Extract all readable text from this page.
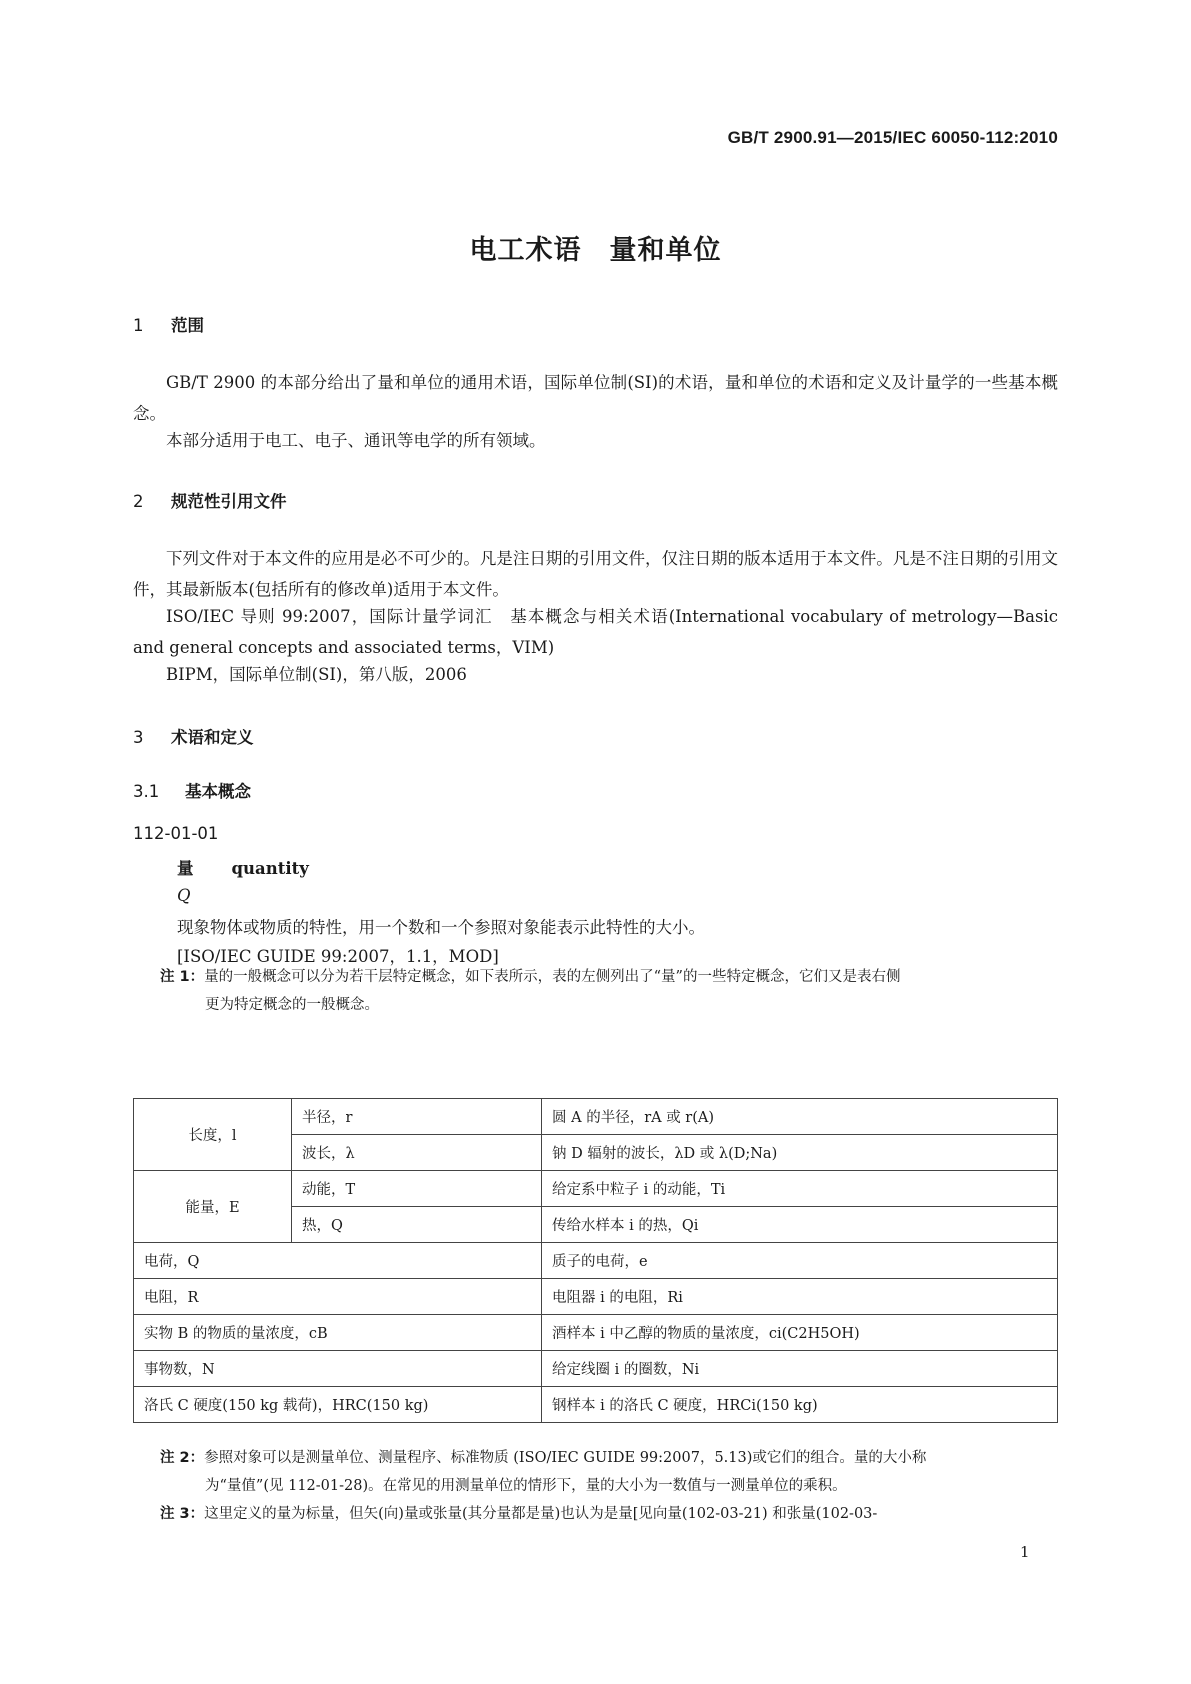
GB/T 2900.91—2015/IEC 60050-112:2010
电工术语　量和单位
1 范围
GB/T 2900 的本部分给出了量和单位的通用术语，国际单位制(SI)的术语，量和单位的术语和定义及计量学的一些基本概念。
本部分适用于电工、电子、通讯等电学的所有领域。
2 规范性引用文件
下列文件对于本文件的应用是必不可少的。凡是注日期的引用文件，仅注日期的版本适用于本文件。凡是不注日期的引用文件，其最新版本(包括所有的修改单)适用于本文件。
ISO/IEC 导则 99:2007，国际计量学词汇　基本概念与相关术语(International vocabulary of metrology—Basic and general concepts and associated terms，VIM)
BIPM，国际单位制(SI)，第八版，2006
3 术语和定义
3.1 基本概念
112-01-01
量 quantity
Q
现象物体或物质的特性，用一个数和一个参照对象能表示此特性的大小。
[ISO/IEC GUIDE 99:2007，1.1，MOD]
注 1：量的一般概念可以分为若干层特定概念，如下表所示，表的左侧列出了“量”的一些特定概念，它们又是表右侧
更为特定概念的一般概念。
长度，l	半径，r	圆 A 的半径，rA 或 r(A)
	波长，λ	钠 D 辐射的波长，λD 或 λ(D;Na)
能量，E	动能，T	给定系中粒子 i 的动能，Ti
	热，Q	传给水样本 i 的热，Qi
电荷，Q		质子的电荷，e
电阻，R		电阻器 i 的电阻，Ri
实物 B 的物质的量浓度，cB		酒样本 i 中乙醇的物质的量浓度，ci(C2H5OH)
事物数，N		给定线圈 i 的圈数，Ni
洛氏 C 硬度(150 kg 载荷)，HRC(150 kg)		钢样本 i 的洛氏 C 硬度，HRCi(150 kg)
注 2：参照对象可以是测量单位、测量程序、标准物质 (ISO/IEC GUIDE 99:2007，5.13)或它们的组合。量的大小称
为“量值”(见 112-01-28)。在常见的用测量单位的情形下，量的大小为一数值与一测量单位的乘积。
注 3：这里定义的量为标量，但矢(向)量或张量(其分量都是量)也认为是量[见向量(102-03-21) 和张量(102-03-
1
